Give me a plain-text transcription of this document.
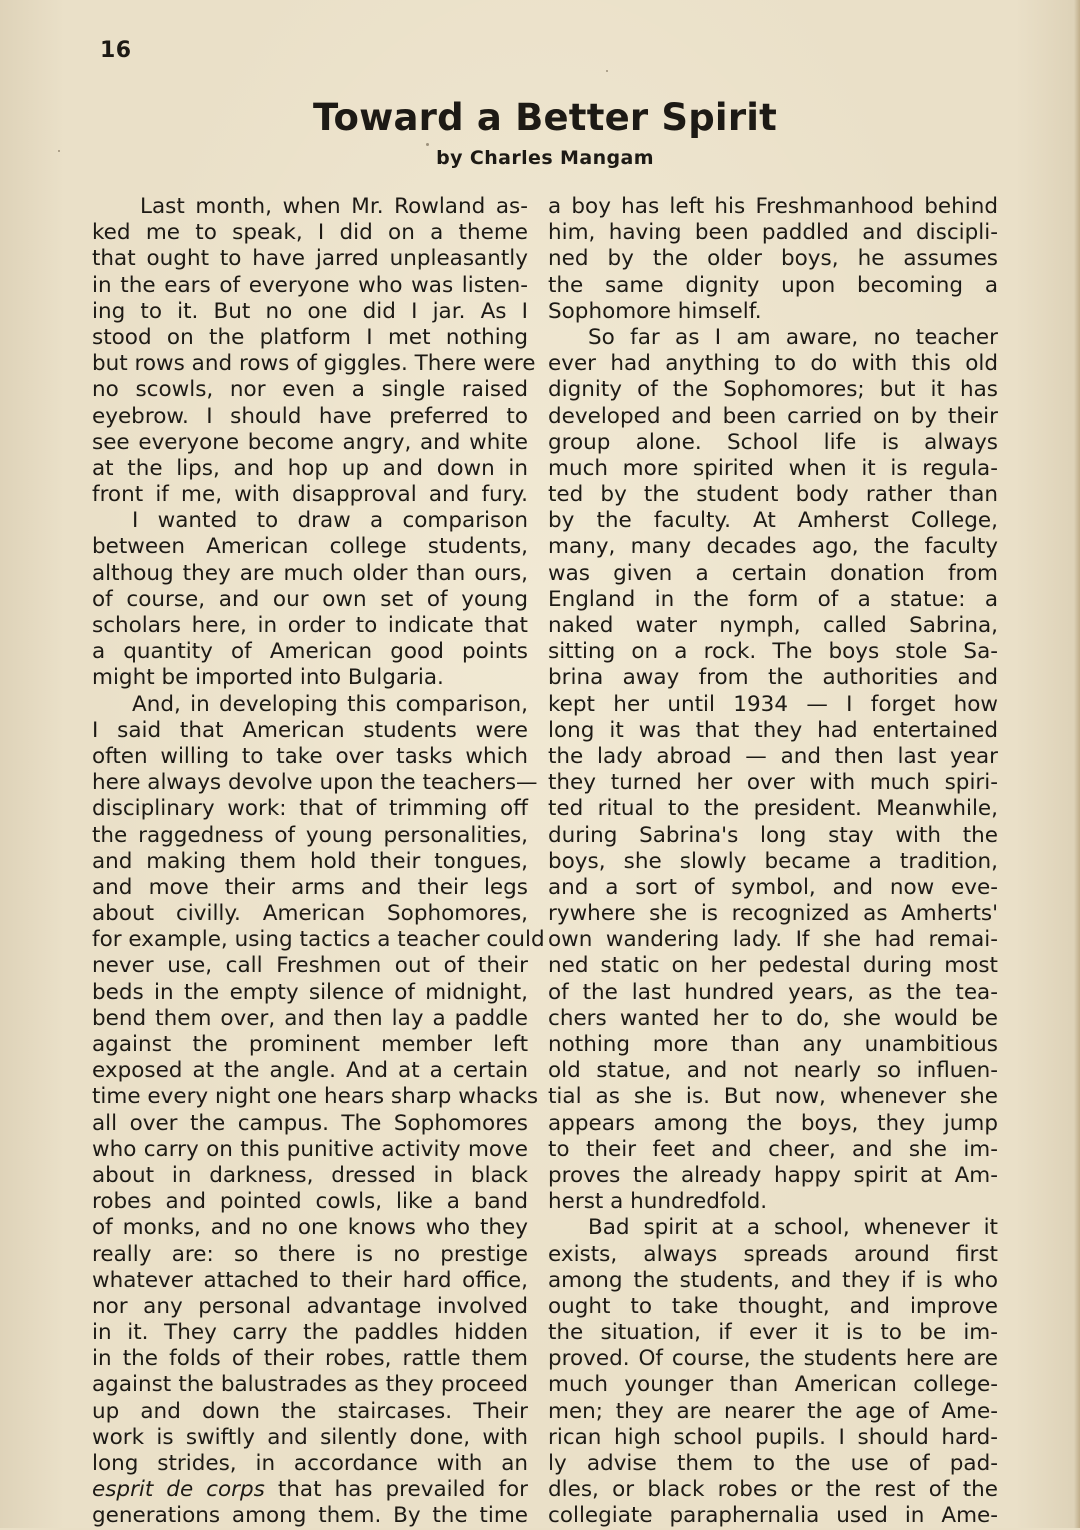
16
Toward a Better Spirit
by Charles Mangam
Last month, when Mr. Rowland as-
ked me to speak, I did on a theme
that ought to have jarred unpleasantly
in the ears of everyone who was listen-
ing to it. But no one did I jar. As I
stood on the platform I met nothing
but rows and rows of giggles. There were
no scowls, nor even a single raised
eyebrow. I should have preferred to
see everyone become angry, and white
at the lips, and hop up and down in
front if me, with disapproval and fury.
I wanted to draw a comparison
between American college students,
althoug they are much older than ours,
of course, and our own set of young
scholars here, in order to indicate that
a quantity of American good points
might be imported into Bulgaria.
And, in developing this comparison,
I said that American students were
often willing to take over tasks which
here always devolve upon the teachers—
disciplinary work: that of trimming off
the raggedness of young personalities,
and making them hold their tongues,
and move their arms and their legs
about civilly. American Sophomores,
for example, using tactics a teacher could
never use, call Freshmen out of their
beds in the empty silence of midnight,
bend them over, and then lay a paddle
against the prominent member left
exposed at the angle. And at a certain
time every night one hears sharp whacks
all over the campus. The Sophomores
who carry on this punitive activity move
about in darkness, dressed in black
robes and pointed cowls, like a band
of monks, and no one knows who they
really are: so there is no prestige
whatever attached to their hard office,
nor any personal advantage involved
in it. They carry the paddles hidden
in the folds of their robes, rattle them
against the balustrades as they proceed
up and down the staircases. Their
work is swiftly and silently done, with
long strides, in accordance with an
esprit de corps that has prevailed for
generations among them. By the time
a boy has left his Freshmanhood behind
him, having been paddled and discipli-
ned by the older boys, he assumes
the same dignity upon becoming a
Sophomore himself.
So far as I am aware, no teacher
ever had anything to do with this old
dignity of the Sophomores; but it has
developed and been carried on by their
group alone. School life is always
much more spirited when it is regula-
ted by the student body rather than
by the faculty. At Amherst College,
many, many decades ago, the faculty
was given a certain donation from
England in the form of a statue: a
naked water nymph, called Sabrina,
sitting on a rock. The boys stole Sa-
brina away from the authorities and
kept her until 1934 — I forget how
long it was that they had entertained
the lady abroad — and then last year
they turned her over with much spiri-
ted ritual to the president. Meanwhile,
during Sabrina's long stay with the
boys, she slowly became a tradition,
and a sort of symbol, and now eve-
rywhere she is recognized as Amherts'
own wandering lady. If she had remai-
ned static on her pedestal during most
of the last hundred years, as the tea-
chers wanted her to do, she would be
nothing more than any unambitious
old statue, and not nearly so influen-
tial as she is. But now, whenever she
appears among the boys, they jump
to their feet and cheer, and she im-
proves the already happy spirit at Am-
herst a hundredfold.
Bad spirit at a school, whenever it
exists, always spreads around first
among the students, and they if is who
ought to take thought, and improve
the situation, if ever it is to be im-
proved. Of course, the students here are
much younger than American college-
men; they are nearer the age of Ame-
rican high school pupils. I should hard-
ly advise them to the use of pad-
dles, or black robes or the rest of the
collegiate paraphernalia used in Ame-
